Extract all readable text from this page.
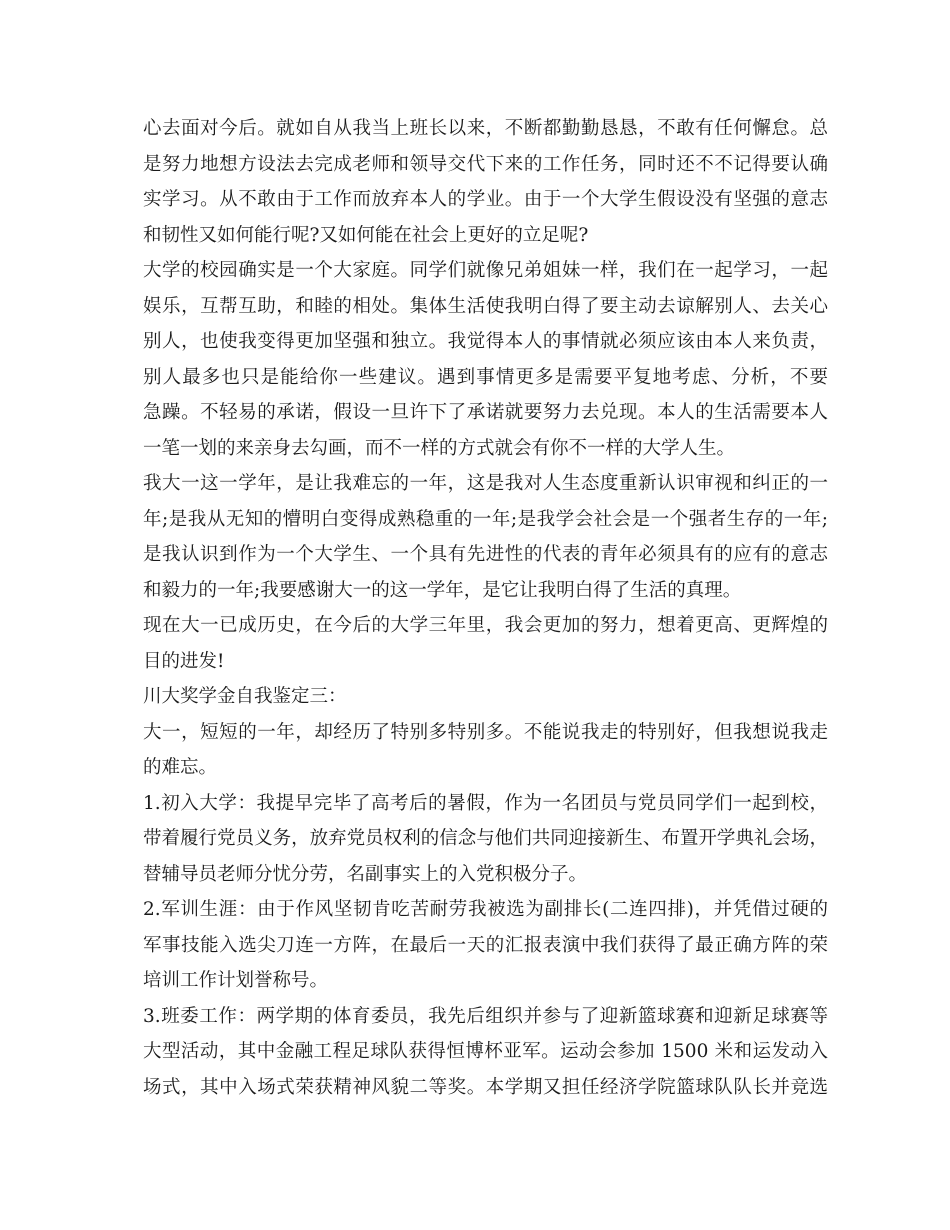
心去面对今后。就如自从我当上班长以来，不断都勤勤恳恳，不敢有任何懈怠。总
是努力地想方设法去完成老师和领导交代下来的工作任务，同时还不不记得要认确
实学习。从不敢由于工作而放弃本人的学业。由于一个大学生假设没有坚强的意志
和韧性又如何能行呢?又如何能在社会上更好的立足呢?
大学的校园确实是一个大家庭。同学们就像兄弟姐妹一样，我们在一起学习，一起
娱乐，互帮互助，和睦的相处。集体生活使我明白得了要主动去谅解别人、去关心
别人，也使我变得更加坚强和独立。我觉得本人的事情就必须应该由本人来负责，
别人最多也只是能给你一些建议。遇到事情更多是需要平复地考虑、分析，不要
急躁。不轻易的承诺，假设一旦许下了承诺就要努力去兑现。本人的生活需要本人
一笔一划的来亲身去勾画，而不一样的方式就会有你不一样的大学人生。
我大一这一学年，是让我难忘的一年，这是我对人生态度重新认识审视和纠正的一
年;是我从无知的懵明白变得成熟稳重的一年;是我学会社会是一个强者生存的一年;
是我认识到作为一个大学生、一个具有先进性的代表的青年必须具有的应有的意志
和毅力的一年;我要感谢大一的这一学年，是它让我明白得了生活的真理。
现在大一已成历史，在今后的大学三年里，我会更加的努力，想着更高、更辉煌的
目的进发!
川大奖学金自我鉴定三：
大一，短短的一年，却经历了特别多特别多。不能说我走的特别好，但我想说我走
的难忘。
1.初入大学：我提早完毕了高考后的暑假，作为一名团员与党员同学们一起到校，
带着履行党员义务，放弃党员权利的信念与他们共同迎接新生、布置开学典礼会场，
替辅导员老师分忧分劳，名副事实上的入党积极分子。
2.军训生涯：由于作风坚韧肯吃苦耐劳我被选为副排长(二连四排)，并凭借过硬的
军事技能入选尖刀连一方阵，在最后一天的汇报表演中我们获得了最正确方阵的荣
培训工作计划誉称号。
3.班委工作：两学期的体育委员，我先后组织并参与了迎新篮球赛和迎新足球赛等
大型活动，其中金融工程足球队获得恒博杯亚军。运动会参加 1500 米和运发动入
场式，其中入场式荣获精神风貌二等奖。本学期又担任经济学院篮球队队长并竞选
